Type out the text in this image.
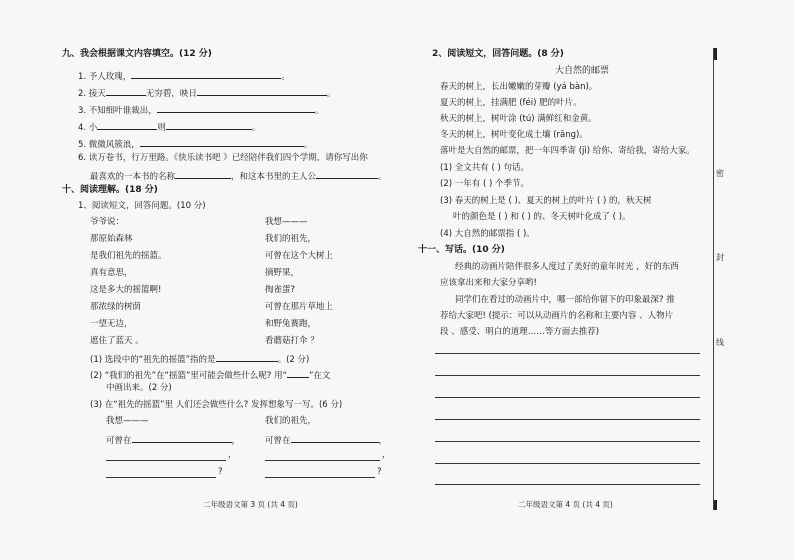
九、我会根据课文内容填空。(12 分)
1. 予人玫瑰，	。
2. 接天	无穷碧，映日	。
3. 不知细叶谁裁出，	。
4. 小	则	。
5. 微微风簇浪，	。
6. 读万卷书，行万里路。《快乐读书吧 》已经陪伴我们四个学期，请你写出你
最喜欢的一本书的名称	，和这本书里的主人公	。
十、阅读理解。(18 分)
1、阅读短文，回答问题。(10 分)
爷爷说：
那原始森林
是我们祖先的摇篮。
真有意思，
这是多大的摇篮啊!
那浓绿的树荫
一望无边，
遮住了蓝天 。
我想———
我们的祖先，
可曾在这个大树上
摘野果，
掏雀蛋?
可曾在那片草地上
和野兔赛跑，
看蘑菇打伞 ？
(1) 选段中的“祖先的摇篮”指的是	。(2 分)
(2) “我们的祖先”在“摇篮”里可能会做些什么呢? 用“	”在文
中画出来。(2 分)
(3) 在“祖先的摇篮”里 人们还会做些什么? 发挥想象写一写。(6 分)
我想———	我们的祖先，
可曾在	，	可曾在	，
，	，
?	?
二年级语文第 3 页 (共 4 页)
2、阅读短文，回答问题。(8 分)
大自然的邮票
春天的树上，长出嫩嫩的芽瓣 (yá bàn)。
夏天的树上，挂满肥 (féi) 肥的叶片。
秋天的树上，树叶涂 (tú) 满鲜红和金黄。
冬天的树上，树叶变化成土壤 (rǎng)。
落叶是大自然的邮票，把一年四季寄 (jì) 给你、寄给我，寄给大家。
(1) 全文共有 ( ) 句话。
(2) 一年有 ( ) 个季节。
(3) 春天的树上是 ( )、夏天的树上的叶片 ( ) 的，秋天树
叶的颜色是 ( ) 和 ( ) 的、冬天树叶化成了 ( )。
(4) 大自然的邮票指 ( )。
十一、写话。(10 分)
经典的动画片陪伴很多人度过了美好的童年时光 ，好的东西
应该拿出来和大家分享哟!
同学们在看过的动画片中，哪一部给你留下的印象最深? 推
荐给大家吧! (提示：可以从动画片的名称和主要内容 、人物片
段 、感受、明白的道理……等方面去推荐)
二年级语文第 4 页 (共 4 页)
密
封
线
